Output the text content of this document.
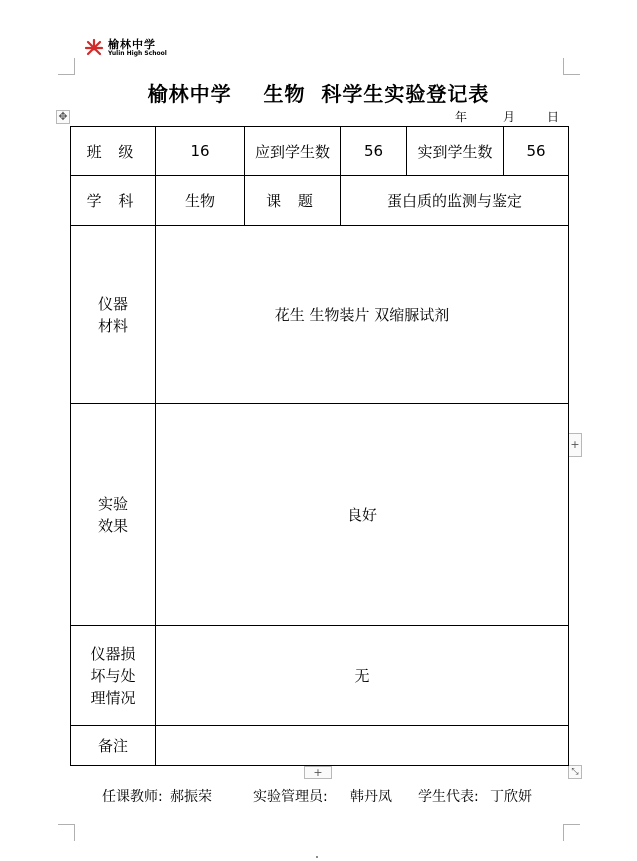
榆林中学
Yulin High School
榆林中学    生物  科学生实验登记表
年	月	日
✥
+
+	⤡
班 级	16	应到学生数	56	实到学生数	56
学 科	生物	课 题	蛋白质的监测与鉴定		

仪器
材料	花生 生物装片 双缩脲试剂				

实验
效果	良好				

仪器损
坏与处
理情况	无				
备注					
任课教师: 郝振荣	实验管理员: 韩丹凤 学生代表: 丁欣妍
